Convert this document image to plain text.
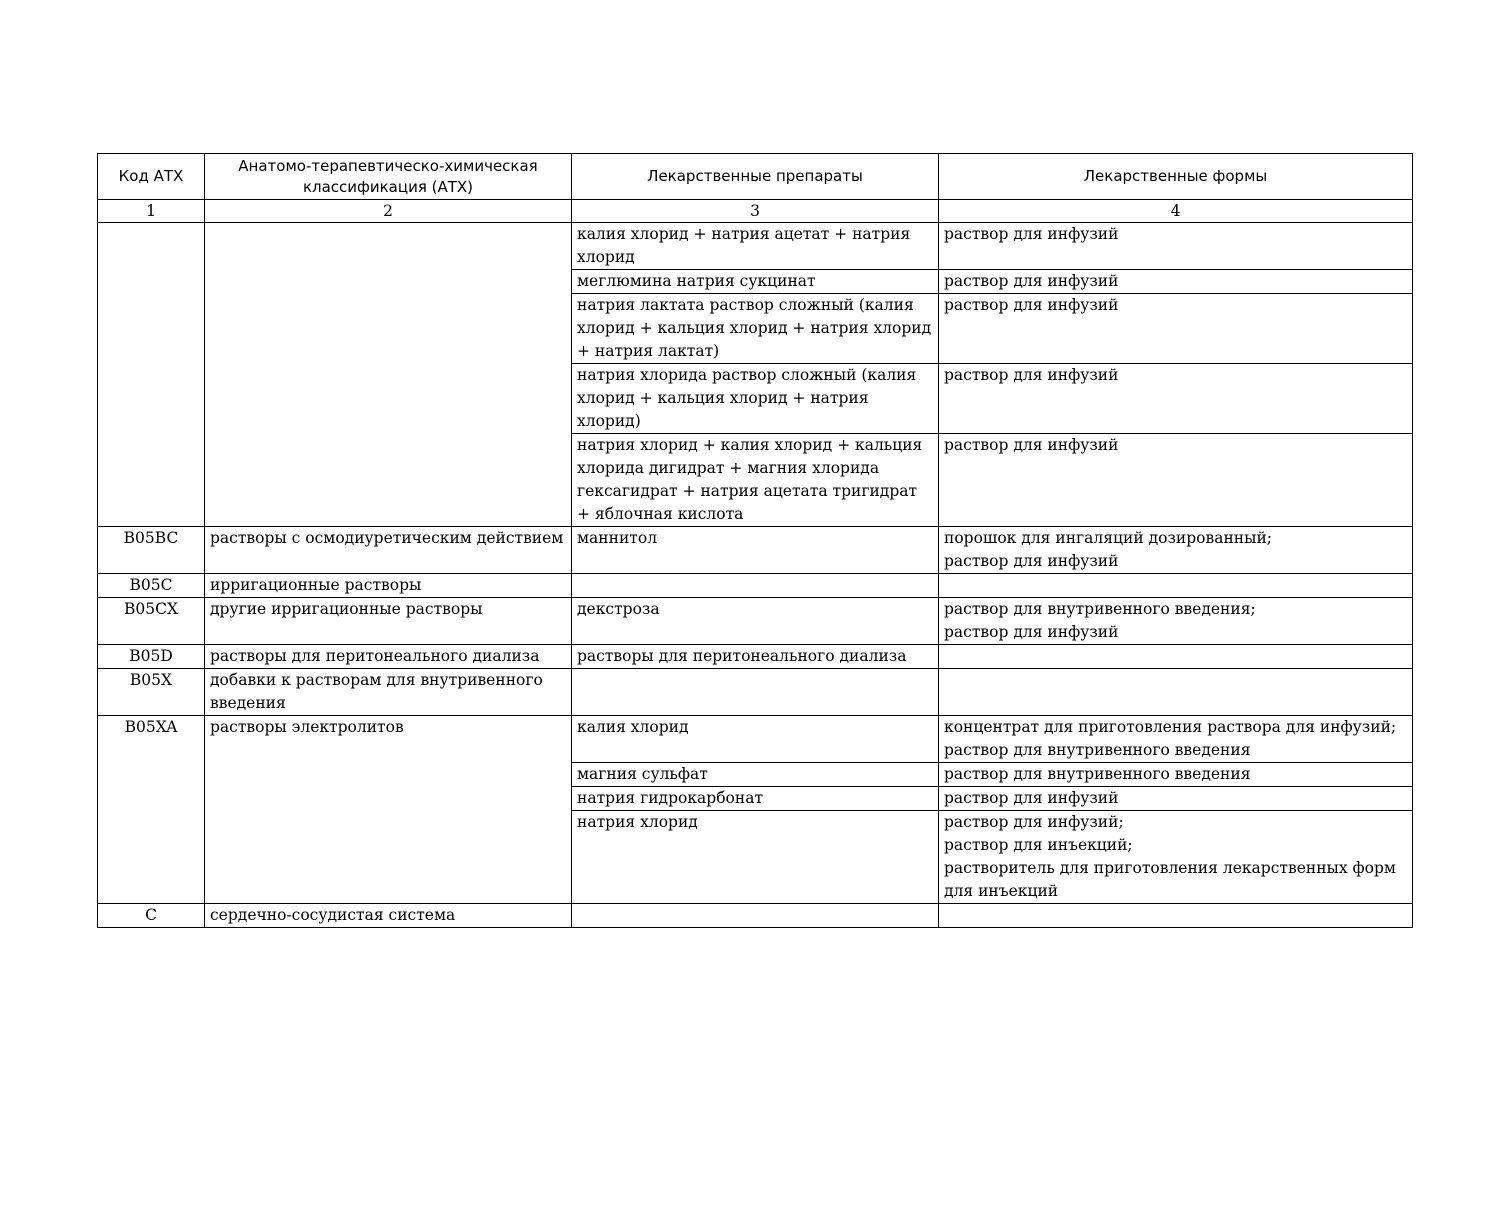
Код АТХ	Анатомо-терапевтическо-химическая классификация (АТХ)	Лекарственные препараты	Лекарственные формы
1	2	3	4
		калия хлорид + натрия ацетат + натрия хлорид	раствор для инфузий
		меглюмина натрия сукцинат	раствор для инфузий
		натрия лактата раствор сложный (калия хлорид + кальция хлорид + натрия хлорид + натрия лактат)	раствор для инфузий
		натрия хлорида раствор сложный (калия хлорид + кальция хлорид + натрия хлорид)	раствор для инфузий
		натрия хлорид + калия хлорид + кальция хлорида дигидрат + магния хлорида гексагидрат + натрия ацетата тригидрат + яблочная кислота	раствор для инфузий
B05BC	растворы с осмодиуретическим действием	маннитол	порошок для ингаляций дозированный;
раствор для инфузий

B05C	ирригационные растворы		
B05CX	другие ирригационные растворы	декстроза	раствор для внутривенного введения;
раствор для инфузий

B05D	растворы для перитонеального диализа	растворы для перитонеального диализа	
B05X	добавки к растворам для внутривенного введения		
B05XA	растворы электролитов	калия хлорид	концентрат для приготовления раствора для инфузий;
раствор для внутривенного введения

		магния сульфат	раствор для внутривенного введения
		натрия гидрокарбонат	раствор для инфузий
		натрия хлорид	раствор для инфузий;
раствор для инъекций;
растворитель для приготовления лекарственных форм для инъекций

C	сердечно-сосудистая система		
